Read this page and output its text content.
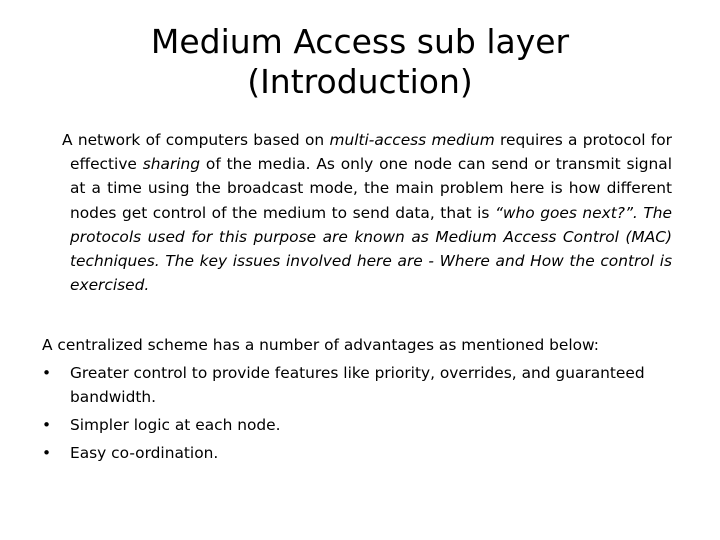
Medium Access sub layer
(Introduction)

A network of computers based on multi-access medium requires a protocol for effective sharing of the media. As only one node can send or transmit signal at a time using the broadcast mode, the main problem here is how different nodes get control of the medium to send data, that is “who goes next?”. The protocols used for this purpose are known as Medium Access Control (MAC) techniques. The key issues involved here are - Where and How the control is exercised.

A centralized scheme has a number of advantages as mentioned below:

•	Greater control to provide features like priority, overrides, and guaranteed bandwidth.
•	Simpler logic at each node.
•	Easy co-ordination.
